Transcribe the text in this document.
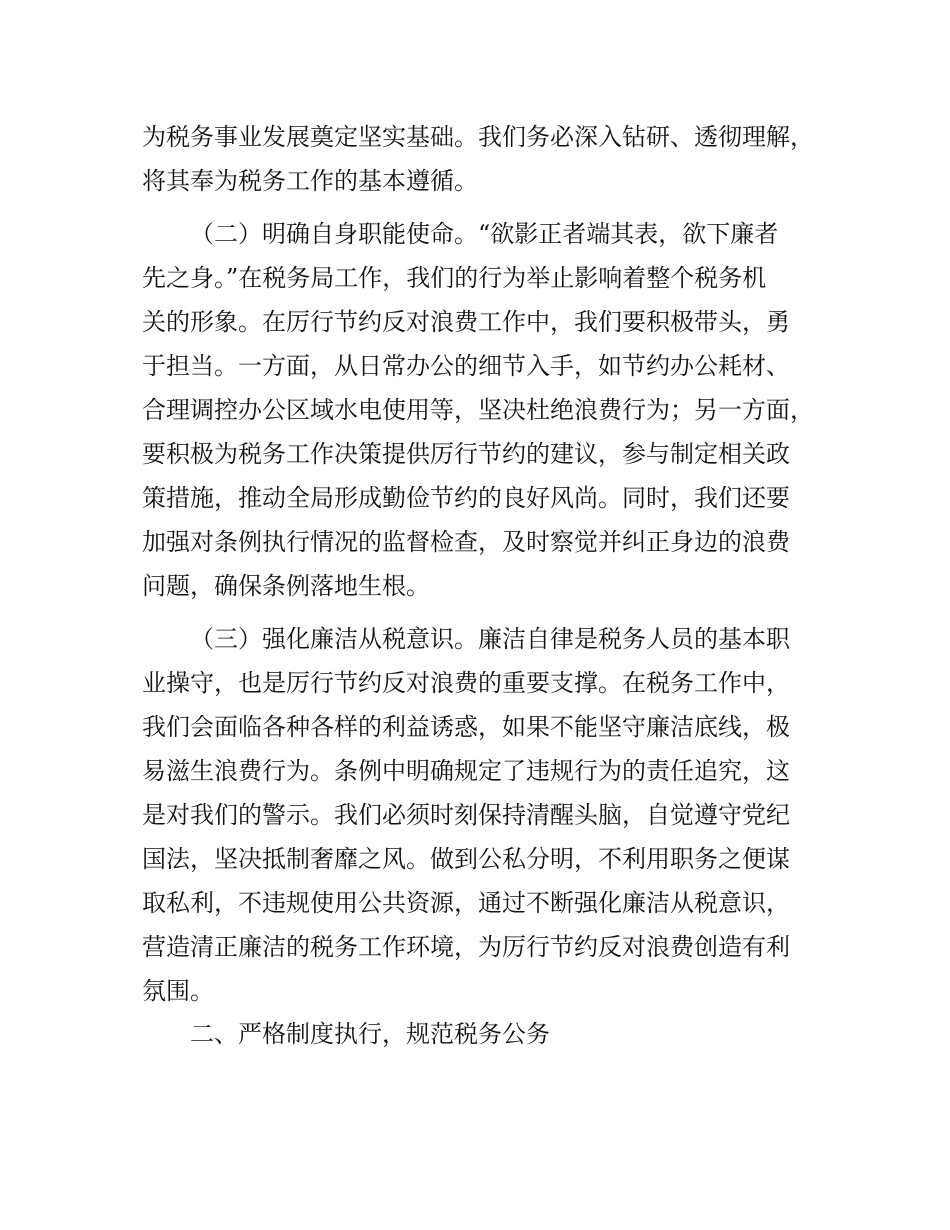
为税务事业发展奠定坚实基础。我们务必深入钻研、透彻理解，
将其奉为税务工作的基本遵循。
（二）明确自身职能使命。“欲影正者端其表，欲下廉者
先之身。”在税务局工作，我们的行为举止影响着整个税务机
关的形象。在厉行节约反对浪费工作中，我们要积极带头，勇
于担当。一方面，从日常办公的细节入手，如节约办公耗材、
合理调控办公区域水电使用等，坚决杜绝浪费行为；另一方面，
要积极为税务工作决策提供厉行节约的建议，参与制定相关政
策措施，推动全局形成勤俭节约的良好风尚。同时，我们还要
加强对条例执行情况的监督检查，及时察觉并纠正身边的浪费
问题，确保条例落地生根。
（三）强化廉洁从税意识。廉洁自律是税务人员的基本职
业操守，也是厉行节约反对浪费的重要支撑。在税务工作中，
我们会面临各种各样的利益诱惑，如果不能坚守廉洁底线，极
易滋生浪费行为。条例中明确规定了违规行为的责任追究，这
是对我们的警示。我们必须时刻保持清醒头脑，自觉遵守党纪
国法，坚决抵制奢靡之风。做到公私分明，不利用职务之便谋
取私利，不违规使用公共资源，通过不断强化廉洁从税意识，
营造清正廉洁的税务工作环境，为厉行节约反对浪费创造有利
氛围。
二、严格制度执行，规范税务公务
